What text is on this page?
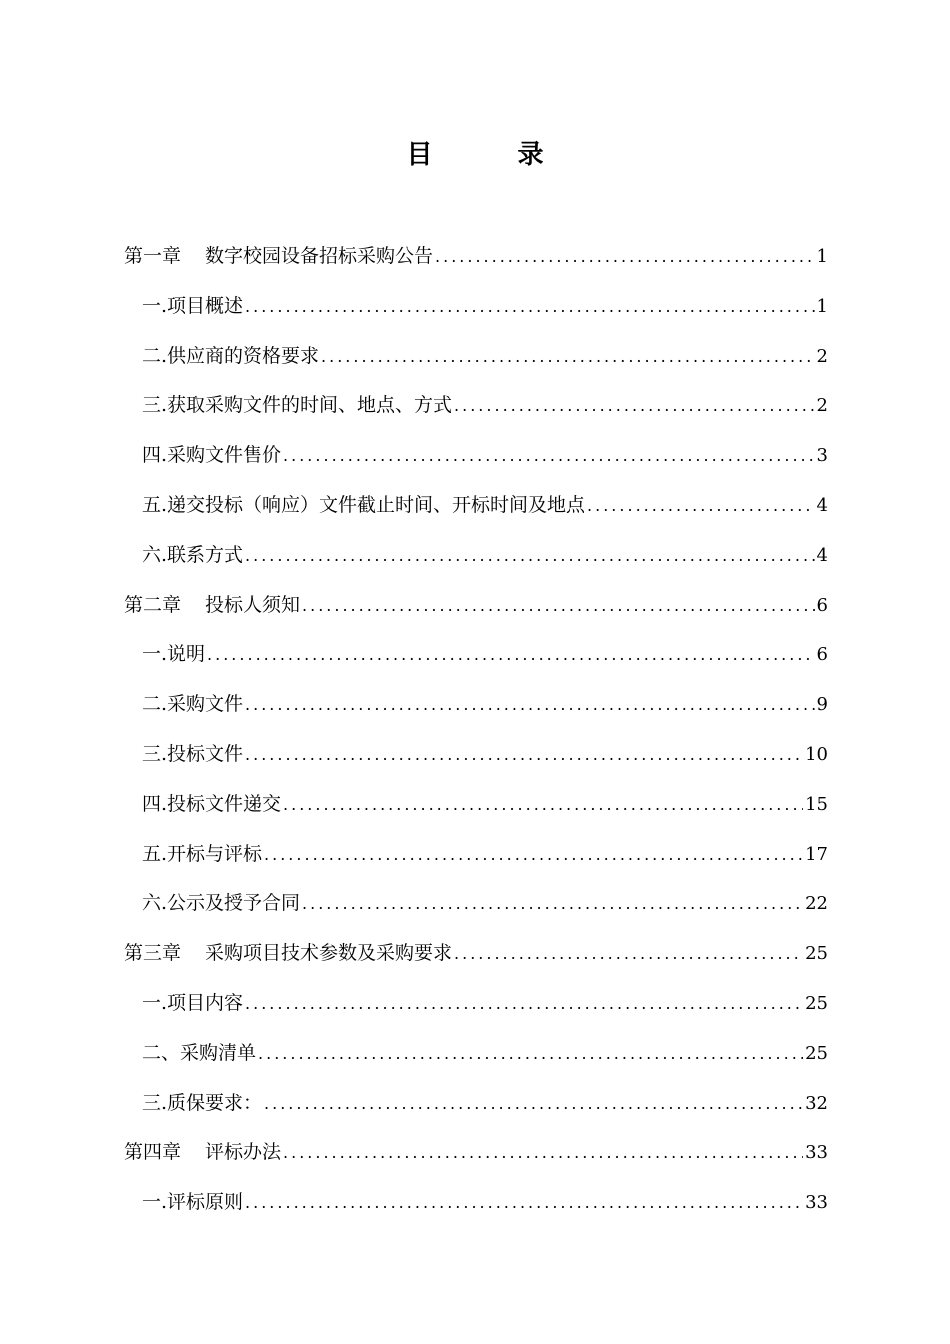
目 录
第一章 数字校园设备招标采购公告 .....	1
一.项目概述 .....	1
二.供应商的资格要求 .....	2
三.获取采购文件的时间、地点、方式 .....	2
四.采购文件售价 .....	3
五.递交投标（响应）文件截止时间、开标时间及地点 .....	4
六.联系方式 .....	4
第二章 投标人须知 .....	6
一.说明 .....	6
二.采购文件 .....	9
三.投标文件 .....	10
四.投标文件递交 .....	15
五.开标与评标 .....	17
六.公示及授予合同 .....	22
第三章 采购项目技术参数及采购要求 .....	25
一.项目内容 .....	25
二、采购清单 .....	25
三.质保要求： .....	32
第四章 评标办法 .....	33
一.评标原则 .....	33
